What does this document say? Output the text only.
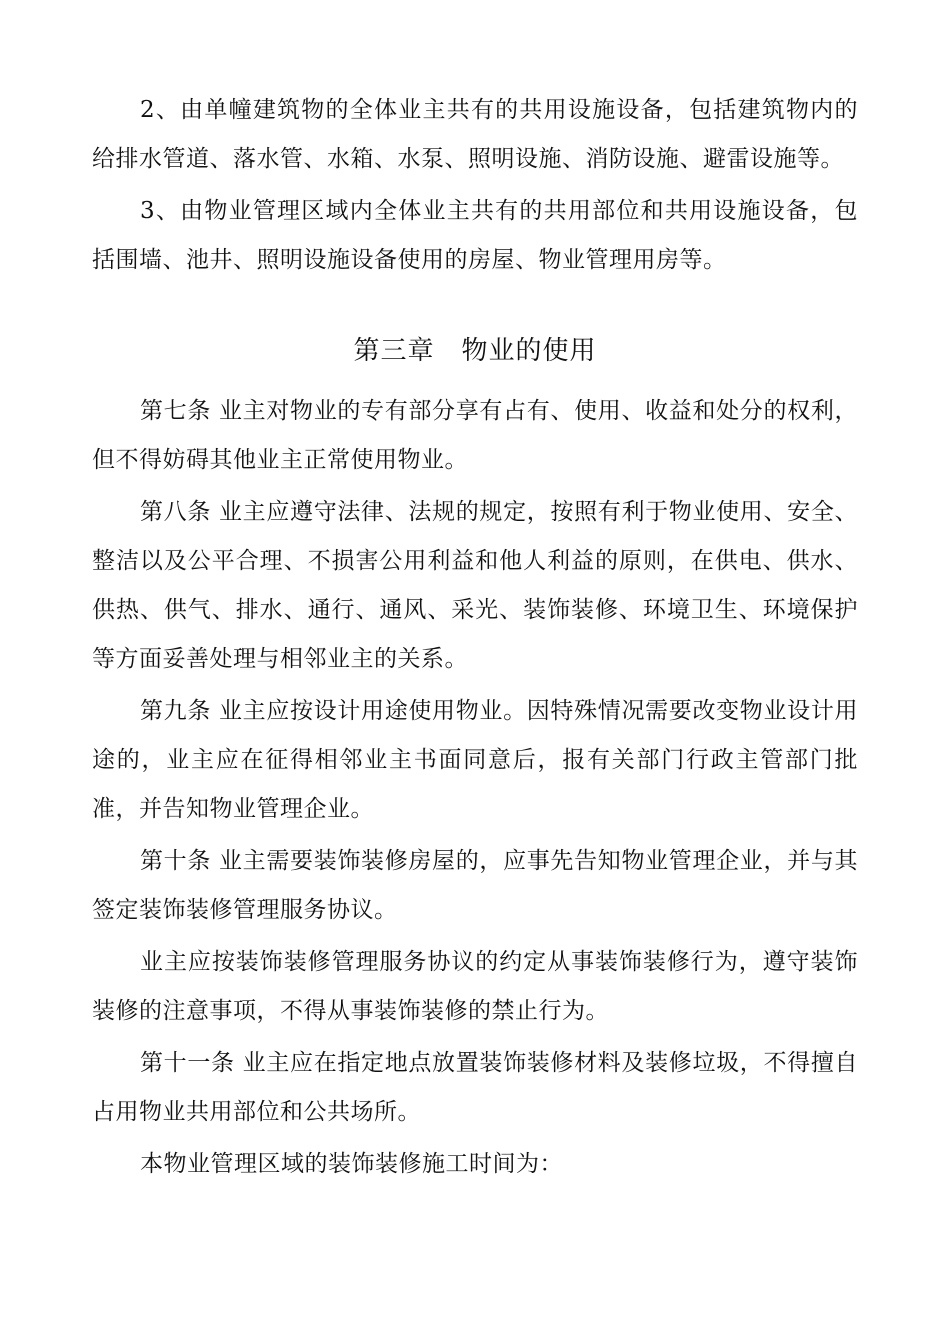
2、由单幢建筑物的全体业主共有的共用设施设备，包括建筑物内的给排水管道、落水管、水箱、水泵、照明设施、消防设施、避雷设施等。

3、由物业管理区域内全体业主共有的共用部位和共用设施设备，包括围墙、池井、照明设施设备使用的房屋、物业管理用房等。

第三章　物业的使用

第七条 业主对物业的专有部分享有占有、使用、收益和处分的权利，但不得妨碍其他业主正常使用物业。

第八条 业主应遵守法律、法规的规定，按照有利于物业使用、安全、整洁以及公平合理、不损害公用利益和他人利益的原则，在供电、供水、供热、供气、排水、通行、通风、采光、装饰装修、环境卫生、环境保护等方面妥善处理与相邻业主的关系。

第九条 业主应按设计用途使用物业。因特殊情况需要改变物业设计用途的，业主应在征得相邻业主书面同意后，报有关部门行政主管部门批准，并告知物业管理企业。

第十条 业主需要装饰装修房屋的，应事先告知物业管理企业，并与其签定装饰装修管理服务协议。

业主应按装饰装修管理服务协议的约定从事装饰装修行为，遵守装饰装修的注意事项，不得从事装饰装修的禁止行为。

第十一条 业主应在指定地点放置装饰装修材料及装修垃圾，不得擅自占用物业共用部位和公共场所。

本物业管理区域的装饰装修施工时间为：
